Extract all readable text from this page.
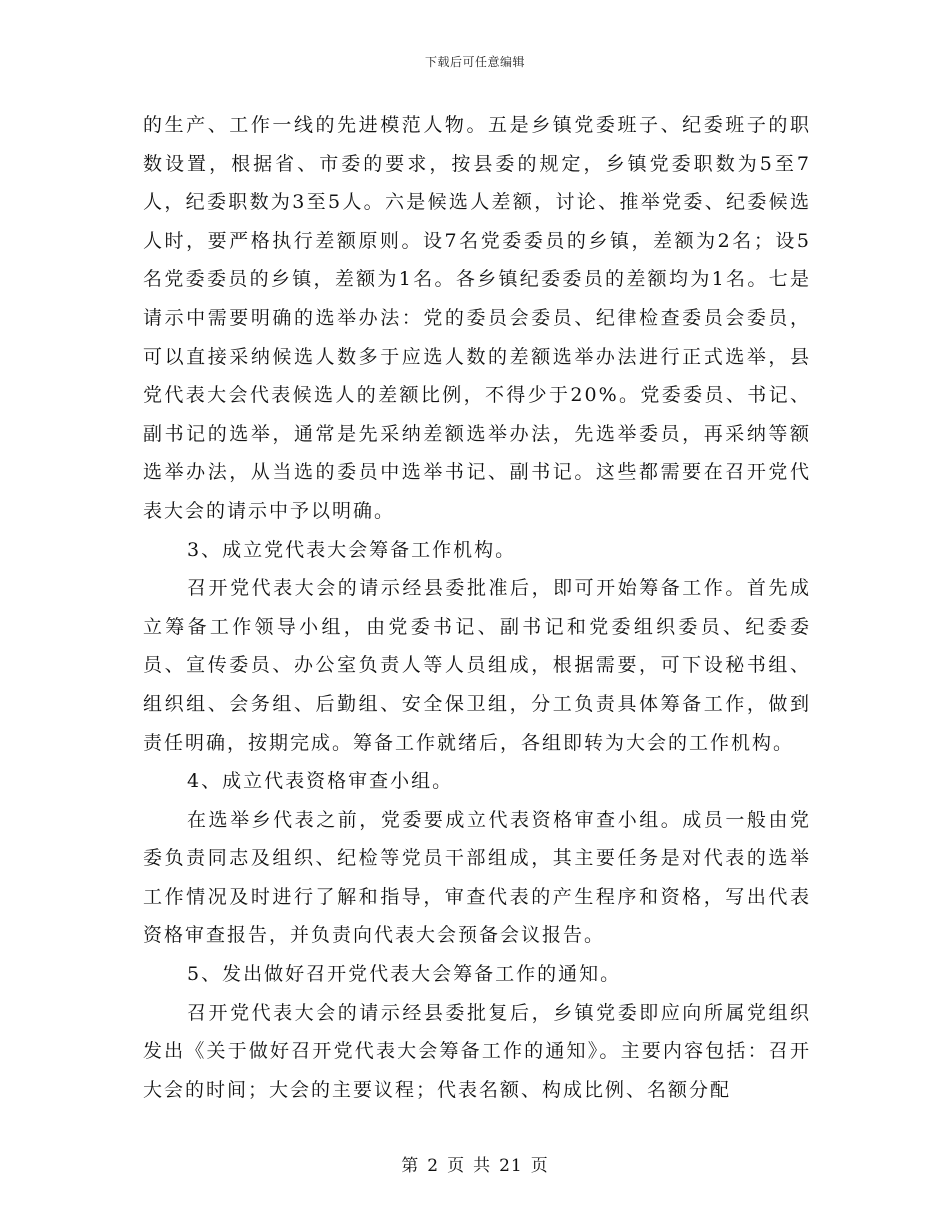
下载后可任意编辑

的生产、工作一线的先进模范人物。五是乡镇党委班子、纪委班子的职数设置，根据省、市委的要求，按县委的规定，乡镇党委职数为5至7人，纪委职数为3至5人。六是候选人差额，讨论、推举党委、纪委候选人时，要严格执行差额原则。设7名党委委员的乡镇，差额为2名；设5名党委委员的乡镇，差额为1名。各乡镇纪委委员的差额均为1名。七是请示中需要明确的选举办法：党的委员会委员、纪律检查委员会委员，可以直接采纳候选人数多于应选人数的差额选举办法进行正式选举，县党代表大会代表候选人的差额比例，不得少于20%。党委委员、书记、副书记的选举，通常是先采纳差额选举办法，先选举委员，再采纳等额选举办法，从当选的委员中选举书记、副书记。这些都需要在召开党代表大会的请示中予以明确。

3、成立党代表大会筹备工作机构。

召开党代表大会的请示经县委批准后，即可开始筹备工作。首先成立筹备工作领导小组，由党委书记、副书记和党委组织委员、纪委委员、宣传委员、办公室负责人等人员组成，根据需要，可下设秘书组、组织组、会务组、后勤组、安全保卫组，分工负责具体筹备工作，做到责任明确，按期完成。筹备工作就绪后，各组即转为大会的工作机构。

4、成立代表资格审查小组。

在选举乡代表之前，党委要成立代表资格审查小组。成员一般由党委负责同志及组织、纪检等党员干部组成，其主要任务是对代表的选举工作情况及时进行了解和指导，审查代表的产生程序和资格，写出代表资格审查报告，并负责向代表大会预备会议报告。

5、发出做好召开党代表大会筹备工作的通知。

召开党代表大会的请示经县委批复后，乡镇党委即应向所属党组织发出《关于做好召开党代表大会筹备工作的通知》。主要内容包括：召开大会的时间；大会的主要议程；代表名额、构成比例、名额分配

第 2 页 共 21 页
